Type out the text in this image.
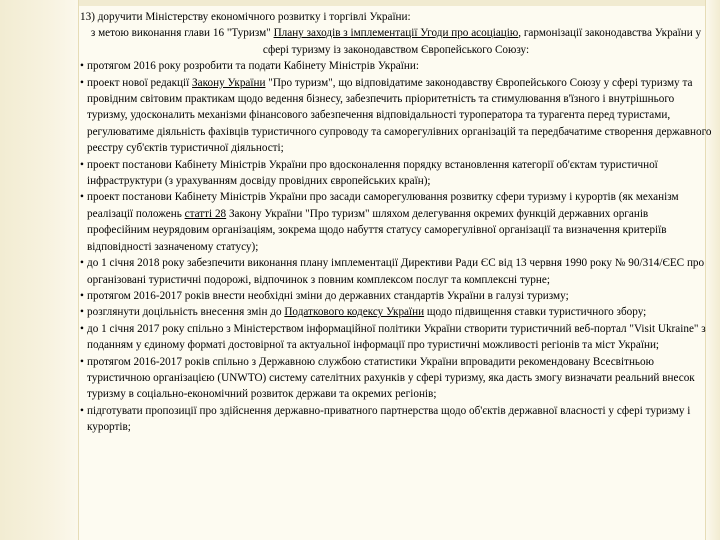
13) доручити Міністерству економічного розвитку і торгівлі України:

з метою виконання глави 16 "Туризм" Плану заходів з імплементації Угоди про асоціацію, гармонізації законодавства України у сфері туризму із законодавством Європейського Союзу:

• протягом 2016 року розробити та подати Кабінету Міністрів України:

• проект нової редакції Закону України "Про туризм", що відповідатиме законодавству Європейського Союзу у сфері туризму та провідним світовим практикам щодо ведення бізнесу, забезпечить пріоритетність та стимулювання в'їзного і внутрішнього туризму, удосконалить механізми фінансового забезпечення відповідальності туроператора та турагента перед туристами, регулюватиме діяльність фахівців туристичного супроводу та саморегулівних організацій та передбачатиме створення державного реєстру суб'єктів туристичної діяльності;

• проект постанови Кабінету Міністрів України про вдосконалення порядку встановлення категорії об'єктам туристичної інфраструктури (з урахуванням досвіду провідних європейських країн);

• проект постанови Кабінету Міністрів України про засади саморегулювання розвитку сфери туризму і курортів (як механізм реалізації положень статті 28 Закону України "Про туризм" шляхом делегування окремих функцій державних органів професійним неурядовим організаціям, зокрема щодо набуття статусу саморегулівної організації та визначення критеріїв відповідності зазначеному статусу);

• до 1 січня 2018 року забезпечити виконання плану імплементації Директиви Ради ЄС від 13 червня 1990 року № 90/314/ЄЕС про організовані туристичні подорожі, відпочинок з повним комплексом послуг та комплексні турне;

• протягом 2016-2017 років внести необхідні зміни до державних стандартів України в галузі туризму;

• розглянути доцільність внесення змін до Податкового кодексу України щодо підвищення ставки туристичного збору;

• до 1 січня 2017 року спільно з Міністерством інформаційної політики України створити туристичний веб-портал "Visit Ukraine" з поданням у єдиному форматі достовірної та актуальної інформації про туристичні можливості регіонів та міст України;

• протягом 2016-2017 років спільно з Державною службою статистики України впровадити рекомендовану Всесвітньою туристичною організацією (UNWTO) систему сателітних рахунків у сфері туризму, яка дасть змогу визначати реальний внесок туризму в соціально-економічний розвиток держави та окремих регіонів;

• підготувати пропозиції про здійснення державно-приватного партнерства щодо об'єктів державної власності у сфері туризму і курортів;
